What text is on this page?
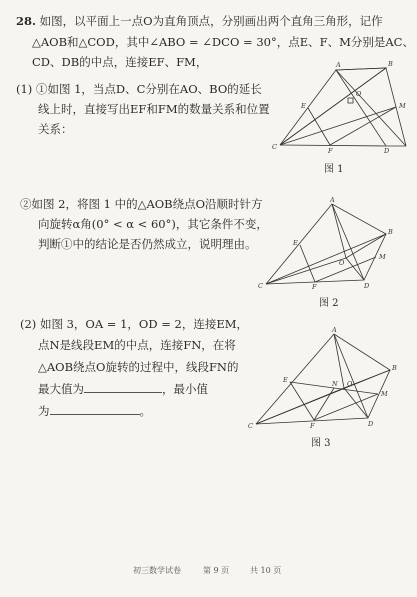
28. 如图，以平面上一点O为直角顶点，分别画出两个直角三角形，记作
△AOB和△COD，其中∠ABO = ∠DCO = 30°，点E、F、M分别是AC、
CD、DB的中点，连接EF、FM，
(1) ①如图 1，当点D、C分别在AO、BO的延长
线上时，直接写出EF和FM的数量关系和位置
关系：
②如图 2，将图 1 中的△AOB绕点O沿顺时针方
向旋转α角(0° < α < 60°)，其它条件不变，
判断①中的结论是否仍然成立，说明理由。
(2) 如图 3，OA = 1，OD = 2，连接EM，
点N是线段EM的中点，连接FN，在将
△AOB绕点O旋转的过程中，线段FN的
最大值为	，最小值
为	。
A	B
C	D
E
F
M
O
图 1
A
B
C	D
E
F
M
O
图 2
A
B
C	D
E
F
M
N O
图 3
初三数学试卷	第 9 页	共 10 页
